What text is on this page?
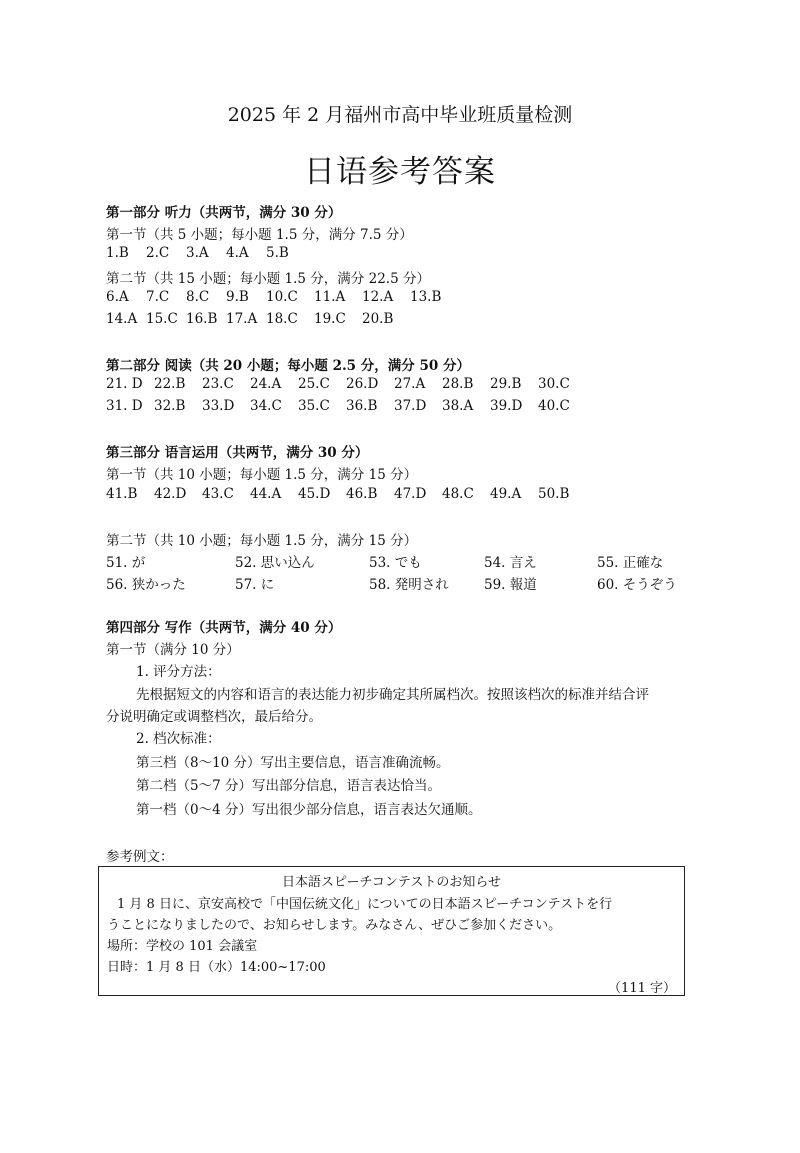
2025 年 2 月福州市高中毕业班质量检测
日语参考答案
第一部分 听力（共两节，满分 30 分）
第一节（共 5 小题；每小题 1.5 分，满分 7.5 分）
1.B 2.C 3.A 4.A 5.B
第二节（共 15 小题；每小题 1.5 分，满分 22.5 分）
6.A 7.C 8.C 9.B 10.C 11.A 12.A 13.B
14.A 15.C 16.B 17.A 18.C 19.C 20.B
第二部分 阅读（共 20 小题；每小题 2.5 分，满分 50 分）
21. D 22.B 23.C 24.A 25.C 26.D 27.A 28.B 29.B 30.C
31. D 32.B 33.D 34.C 35.C 36.B 37.D 38.A 39.D 40.C
第三部分 语言运用（共两节，满分 30 分）
第一节（共 10 小题；每小题 1.5 分，满分 15 分）
41.B 42.D 43.C 44.A 45.D 46.B 47.D 48.C 49.A 50.B
第二节（共 10 小题；每小题 1.5 分，满分 15 分）
51. が	52. 思い込ん	53. でも	54. 言え	55. 正確な
56. 狭かった	57. に	58. 発明され	59. 報道	60. そうぞう
第四部分 写作（共两节，满分 40 分）
第一节（满分 10 分）
1. 评分方法：
先根据短文的内容和语言的表达能力初步确定其所属档次。按照该档次的标准并结合评
分说明确定或调整档次，最后给分。
2. 档次标准：
第三档（8～10 分）写出主要信息，语言准确流畅。
第二档（5～7 分）写出部分信息，语言表达恰当。
第一档（0～4 分）写出很少部分信息，语言表达欠通顺。
参考例文：
日本語スピーチコンテストのお知らせ
1 月 8 日に、京安高校で「中国伝統文化」についての日本語スピーチコンテストを行
うことになりましたので、お知らせします。みなさん、ぜひご参加ください。
場所：学校の 101 会議室
日時：1 月 8 日（水）14:00~17:00
（111 字）
